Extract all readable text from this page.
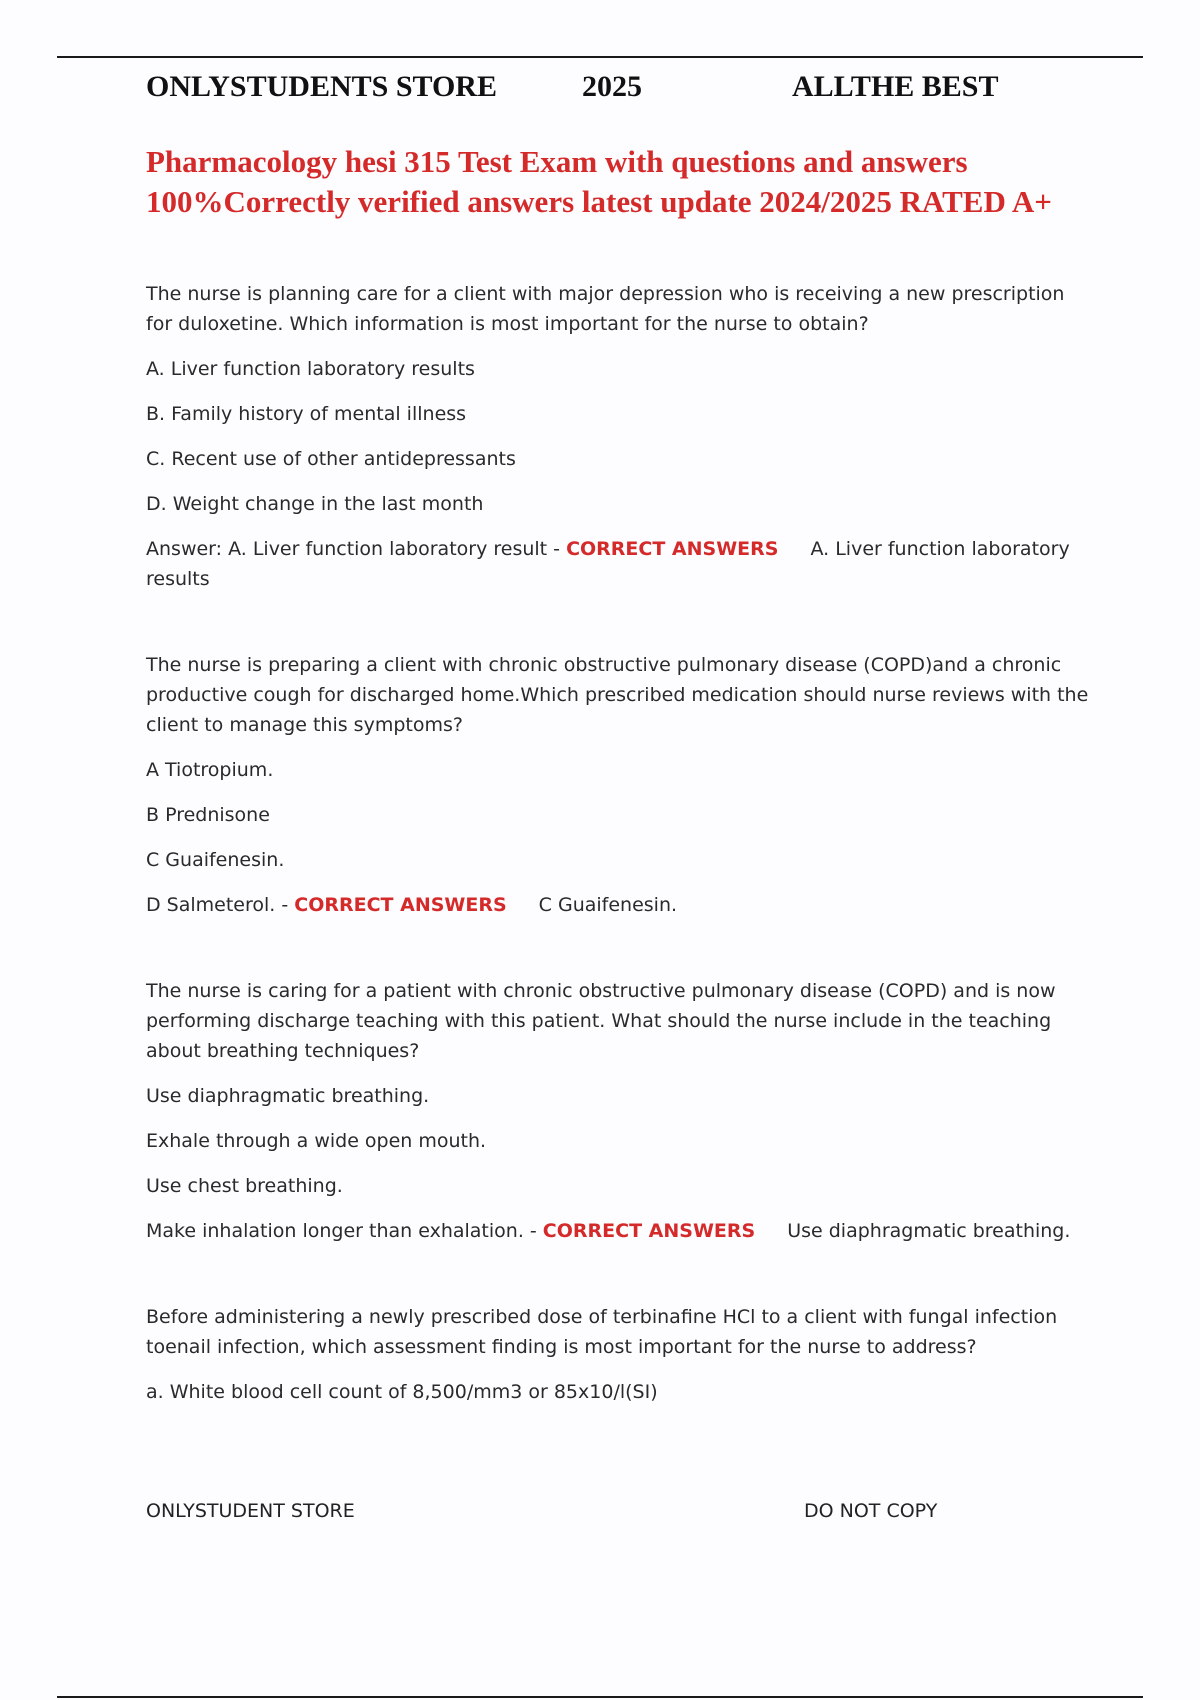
ONLYSTUDENTS STORE	2025	ALLTHE BEST
Pharmacology hesi 315 Test Exam with questions and answers 100%Correctly verified answers latest update 2024/2025 RATED A+

The nurse is planning care for a client with major depression who is receiving a new prescription for duloxetine. Which information is most important for the nurse to obtain?

A. Liver function laboratory results

B. Family history of mental illness

C. Recent use of other antidepressants

D. Weight change in the last month

Answer: A. Liver function laboratory result - CORRECT ANSWERS A. Liver function laboratory results

The nurse is preparing a client with chronic obstructive pulmonary disease (COPD)and a chronic productive cough for discharged home.Which prescribed medication should nurse reviews with the client to manage this symptoms?

A Tiotropium.

B Prednisone

C Guaifenesin.

D Salmeterol. - CORRECT ANSWERS C Guaifenesin.

The nurse is caring for a patient with chronic obstructive pulmonary disease (COPD) and is now performing discharge teaching with this patient. What should the nurse include in the teaching about breathing techniques?

Use diaphragmatic breathing.

Exhale through a wide open mouth.

Use chest breathing.

Make inhalation longer than exhalation. - CORRECT ANSWERS Use diaphragmatic breathing.

Before administering a newly prescribed dose of terbinafine HCl to a client with fungal infection toenail infection, which assessment finding is most important for the nurse to address?

a. White blood cell count of 8,500/mm3 or 85x10/l(SI)

ONLYSTUDENT STORE	DO NOT COPY
